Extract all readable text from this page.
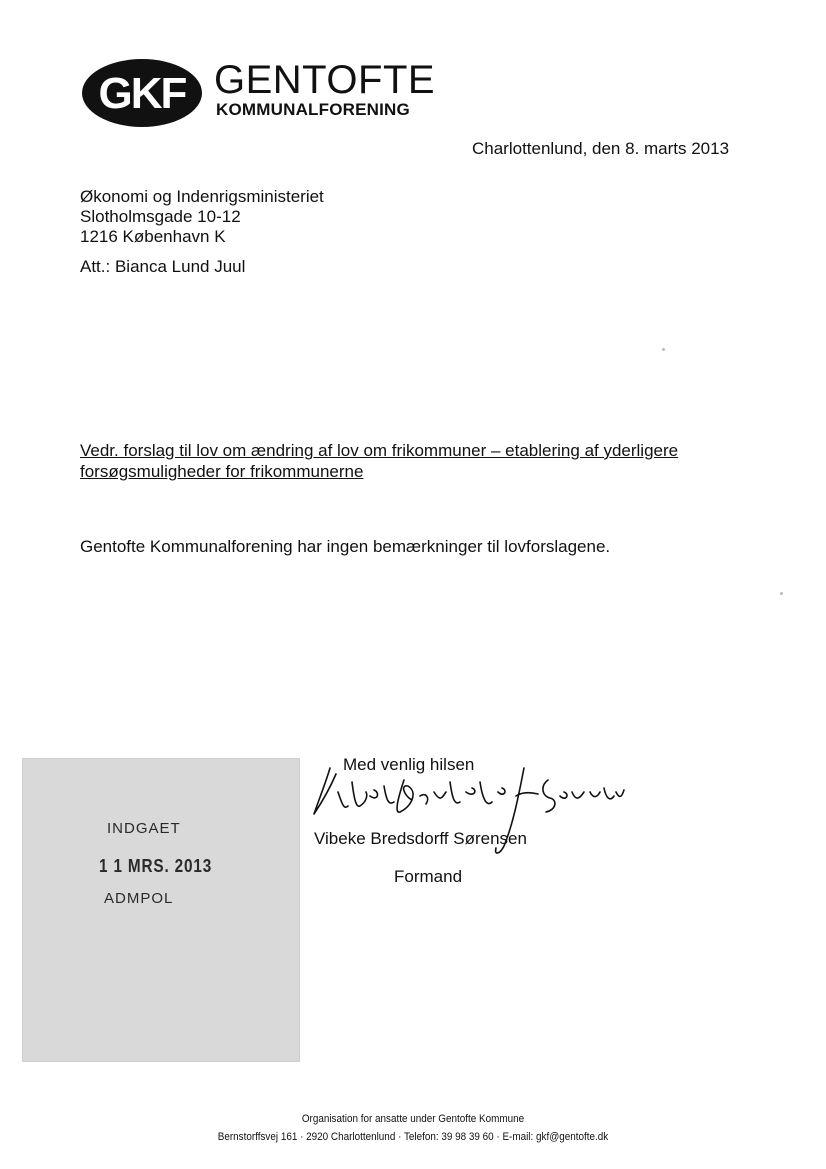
GKF GENTOFTE
KOMMUNALFORENING
Charlottenlund, den 8. marts 2013
Økonomi og Indenrigsministeriet
Slotholmsgade 10-12
1216 København K
Att.: Bianca Lund Juul
Vedr. forslag til lov om ændring af lov om frikommuner – etablering af yderligere
forsøgsmuligheder for frikommunerne
Gentofte Kommunalforening har ingen bemærkninger til lovforslagene.
INDGAET
1 1 MRS. 2013
ADMPOL
Med venlig hilsen
Vibeke Bredsdorff Sørensen
Formand
Organisation for ansatte under Gentofte Kommune
Bernstorffsvej 161 · 2920 Charlottenlund · Telefon: 39 98 39 60 · E-mail: gkf@gentofte.dk
